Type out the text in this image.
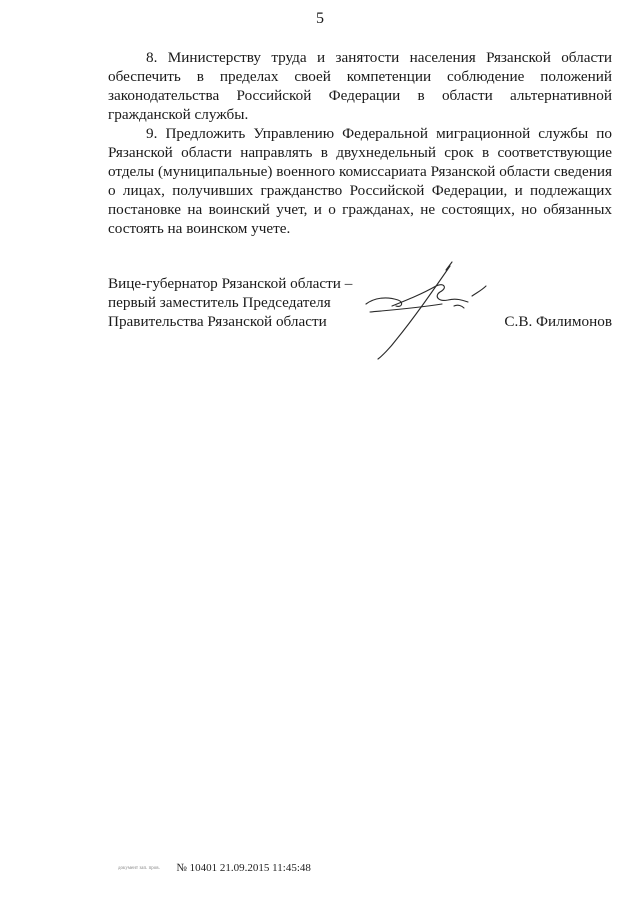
5

8. Министерству труда и занятости населения Рязанской области обеспечить в пределах своей компетенции соблюдение положений законодательства Российской Федерации в области альтернативной гражданской службы.

9. Предложить Управлению Федеральной миграционной службы по Рязанской области направлять в двухнедельный срок в соответствующие отделы (муниципальные) военного комиссариата Рязанской области сведения о лицах, получивших гражданство Российской Федерации, и подлежащих постановке на воинский учет, и о гражданах, не состоящих, но обязанных состоять на воинском учете.

Вице-губернатор Рязанской области –
первый заместитель Председателя
Правительства Рязанской области	С.В. Филимонов
документ зап. пров. № 10401 21.09.2015 11:45:48
